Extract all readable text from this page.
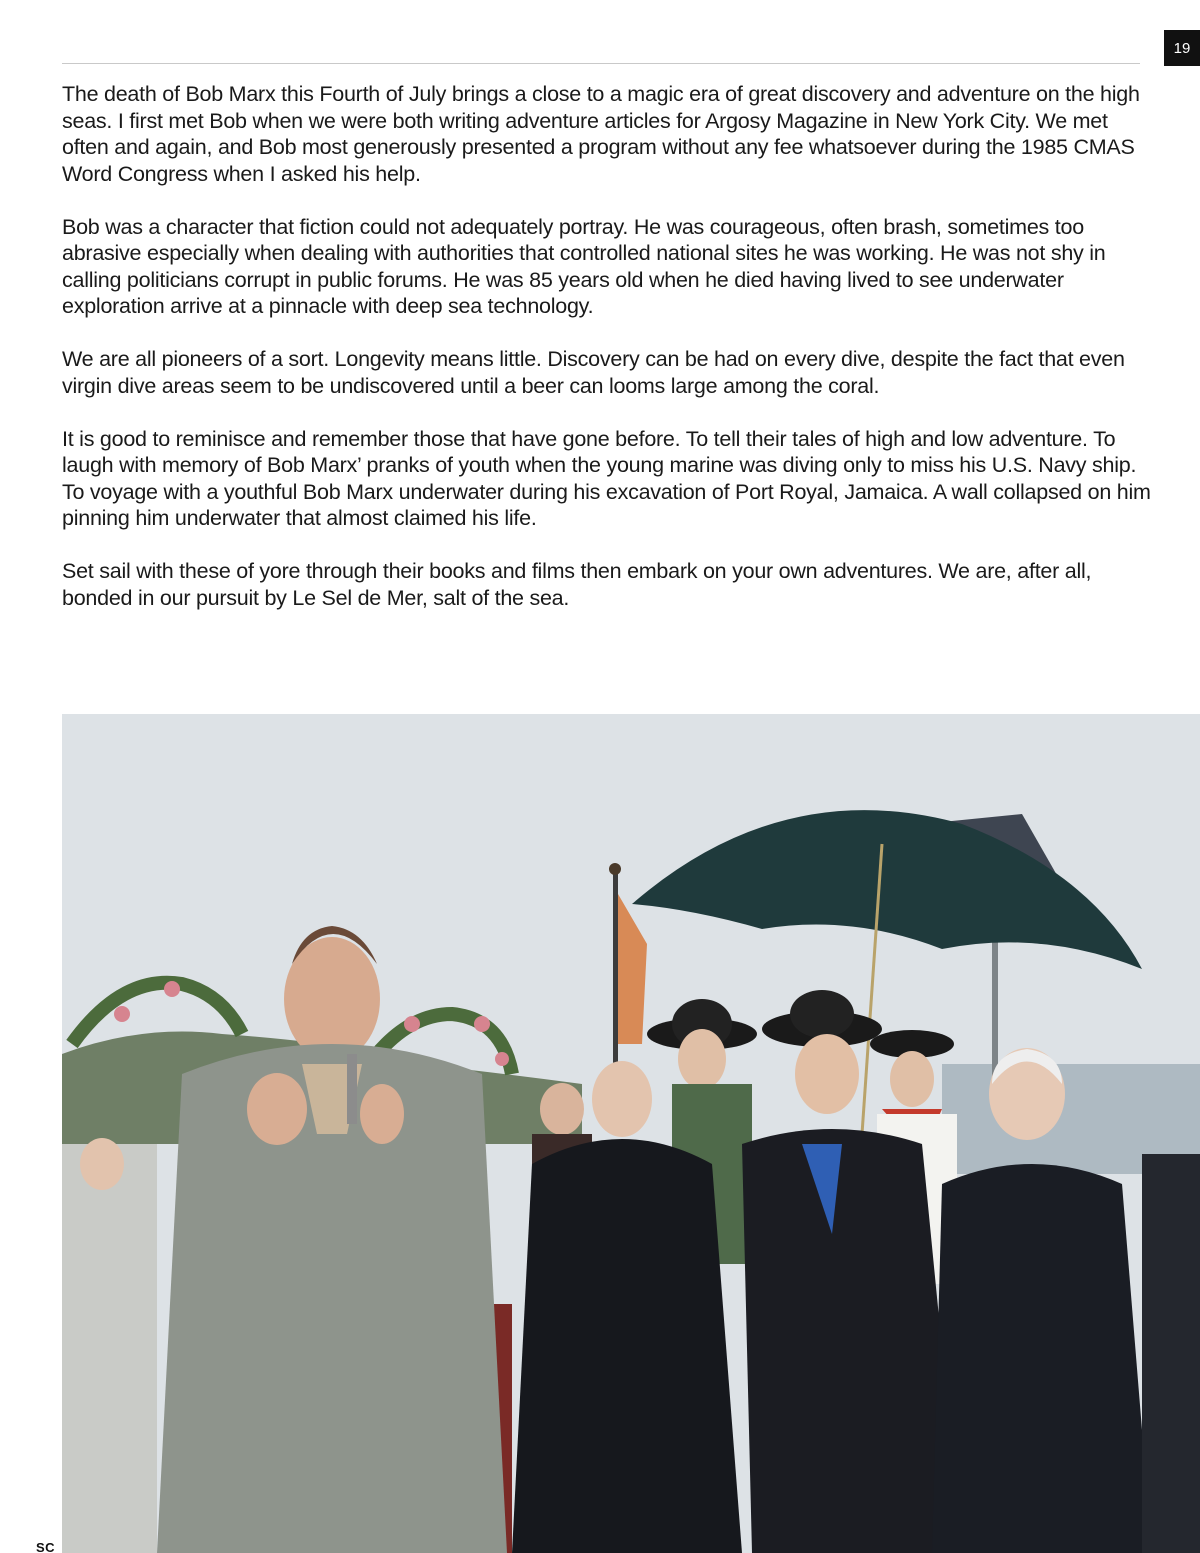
19

The death of Bob Marx this Fourth of July brings a close to a magic era of great discovery and adventure on the high seas. I first met Bob when we were both writing adventure articles for Argosy Magazine in New York City. We met often and again, and Bob most generously presented a program without any fee whatsoever during the 1985 CMAS Word Congress when I asked his help.

Bob was a character that fiction could not adequately portray. He was courageous, often brash, sometimes too abrasive especially when dealing with authorities that controlled national sites he was working. He was not shy in calling politicians corrupt in public forums. He was 85 years old when he died having lived to see underwater exploration arrive at a pinnacle with deep sea technology.

We are all pioneers of a sort. Longevity means little. Discovery can be had on every dive, despite the fact that even virgin dive areas seem to be undiscovered until a beer can looms large among the coral.

It is good to reminisce and remember those that have gone before. To tell their tales of high and low adventure. To laugh with memory of Bob Marx’ pranks of youth when the young marine was diving only to miss his U.S. Navy ship. To voyage with a youthful Bob Marx underwater during his excavation of Port Royal, Jamaica. A wall collapsed on him pinning him underwater that almost claimed his life.

Set sail with these of yore through their books and films then embark on your own adventures. We are, after all, bonded in our pursuit by Le Sel de Mer, salt of the sea.

SC
